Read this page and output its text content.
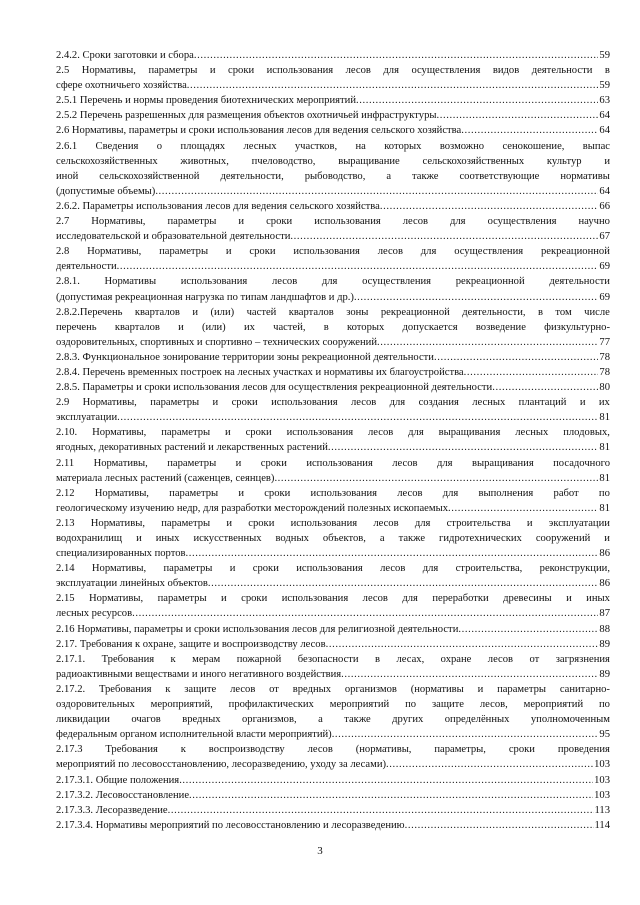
2.4.2. Сроки заготовки и сбора .....	59
2.5 Нормативы, параметры и сроки использования лесов для осуществления видов деятельности в
сфере охотничьего хозяйства .....	59
2.5.1 Перечень и нормы проведения биотехнических мероприятий .....	63
2.5.2 Перечень разрешенных для размещения объектов охотничьей инфраструктуры .....	64
2.6 Нормативы, параметры и сроки использования лесов для ведения сельского хозяйства .....	64
2.6.1 Сведения о площадях лесных участков, на которых возможно сенокошение, выпас
сельскохозяйственных животных, пчеловодство, выращивание сельскохозяйственных культур и
иной сельскохозяйственной деятельности, рыбоводство, а также соответствующие нормативы
(допустимые объемы) .....	64
2.6.2. Параметры использования лесов для ведения сельского хозяйства .....	66
2.7 Нормативы, параметры и сроки использования лесов для осуществления научно
исследовательской и образовательной деятельности .....	67
2.8 Нормативы, параметры и сроки использования лесов для осуществления рекреационной
деятельности .....	69
2.8.1. Нормативы использования лесов для осуществления рекреационной деятельности
(допустимая рекреационная нагрузка по типам ландшафтов и др.) .....	69
2.8.2.Перечень кварталов и (или) частей кварталов зоны рекреационной деятельности, в том числе
перечень кварталов и (или) их частей, в которых допускается возведение физкультурно-
оздоровительных, спортивных и спортивно – технических сооружений .....	77
2.8.3. Функциональное зонирование территории зоны рекреационной деятельности .....	78
2.8.4. Перечень временных построек на лесных участках и нормативы их благоустройства .....	78
2.8.5. Параметры и сроки использования лесов для осуществления рекреационной деятельности .....	80
2.9 Нормативы, параметры и сроки использования лесов для создания лесных плантаций и их
эксплуатации .....	81
2.10. Нормативы, параметры и сроки использования лесов для выращивания лесных плодовых,
ягодных, декоративных растений и лекарственных растений .....	81
2.11 Нормативы, параметры и сроки использования лесов для выращивания посадочного
материала лесных растений (саженцев, сеянцев) .....	81
2.12 Нормативы, параметры и сроки использования лесов для выполнения работ по
геологическому изучению недр, для разработки месторождений полезных ископаемых .....	81
2.13 Нормативы, параметры и сроки использования лесов для строительства и эксплуатации
водохранилищ и иных искусственных водных объектов, а также гидротехнических сооружений и
специализированных портов .....	86
2.14 Нормативы, параметры и сроки использования лесов для строительства, реконструкции,
эксплуатации линейных объектов .....	86
2.15 Нормативы, параметры и сроки использования лесов для переработки древесины и иных
лесных ресурсов .....	87
2.16 Нормативы, параметры и сроки использования лесов для религиозной деятельности .....	88
2.17. Требования к охране, защите и воспроизводству лесов .....	89
2.17.1. Требования к мерам пожарной безопасности в лесах, охране лесов от загрязнения
радиоактивными веществами и иного негативного воздействия .....	89
2.17.2. Требования к защите лесов от вредных организмов (нормативы и параметры санитарно-
оздоровительных мероприятий, профилактических мероприятий по защите лесов, мероприятий по
ликвидации очагов вредных организмов, а также других определённых уполномоченным
федеральным органом исполнительной власти мероприятий) .....	95
2.17.3 Требования к воспроизводству лесов (нормативы, параметры, сроки проведения
мероприятий по лесовосстановлению, лесоразведению, уходу за лесами) .....	103
2.17.3.1. Общие положения .....	103
2.17.3.2. Лесовосстановление .....	103
2.17.3.3. Лесоразведение .....	113
2.17.3.4. Нормативы мероприятий по лесовосстановлению и лесоразведению .....	114
3
